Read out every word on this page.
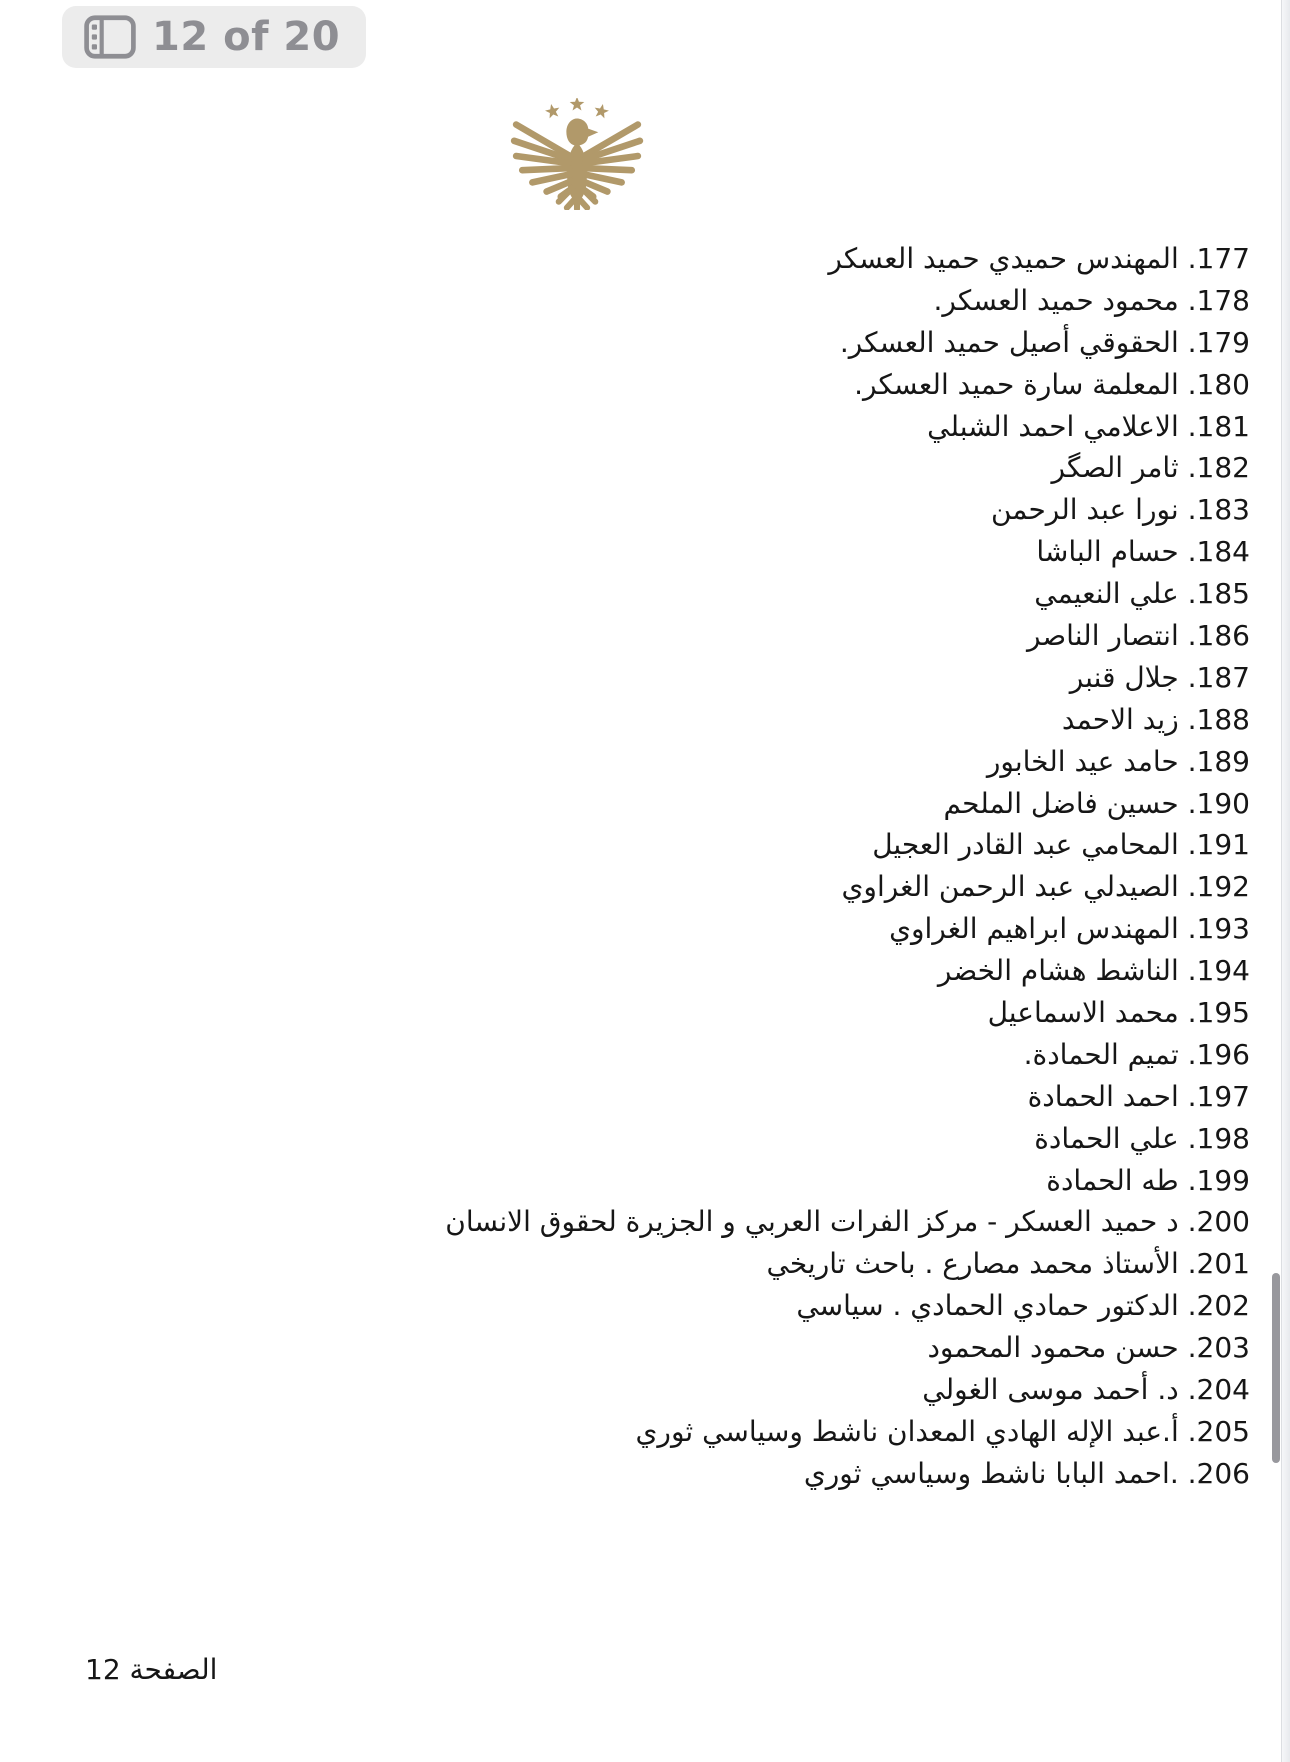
12 of 20
177. المهندس حميدي حميد العسكر
178. محمود حميد العسكر.
179. الحقوقي أصيل حميد العسكر.
180. المعلمة سارة حميد العسكر.
181. الاعلامي احمد الشبلي
182. ثامر الصگر
183. نورا عبد الرحمن
184. حسام الباشا
185. علي النعيمي
186. انتصار الناصر
187. جلال قنبر
188. زيد الاحمد
189. حامد عيد الخابور
190. حسين فاضل الملحم
191. المحامي عبد القادر العجيل
192. الصيدلي عبد الرحمن الغراوي
193. المهندس ابراهيم الغراوي
194. الناشط هشام الخضر
195. محمد الاسماعيل
196. تميم الحمادة.
197. احمد الحمادة
198. علي الحمادة
199. طه الحمادة
200. د حميد العسكر - مركز الفرات العربي و الجزيرة لحقوق الانسان
201. الأستاذ محمد مصارع . باحث تاريخي
202. الدكتور حمادي الحمادي . سياسي
203. حسن محمود المحمود
204. د. أحمد موسى الغولي
205. أ.عبد الإله الهادي المعدان ناشط وسياسي ثوري
206. .احمد البابا ناشط وسياسي ثوري
الصفحة 12
